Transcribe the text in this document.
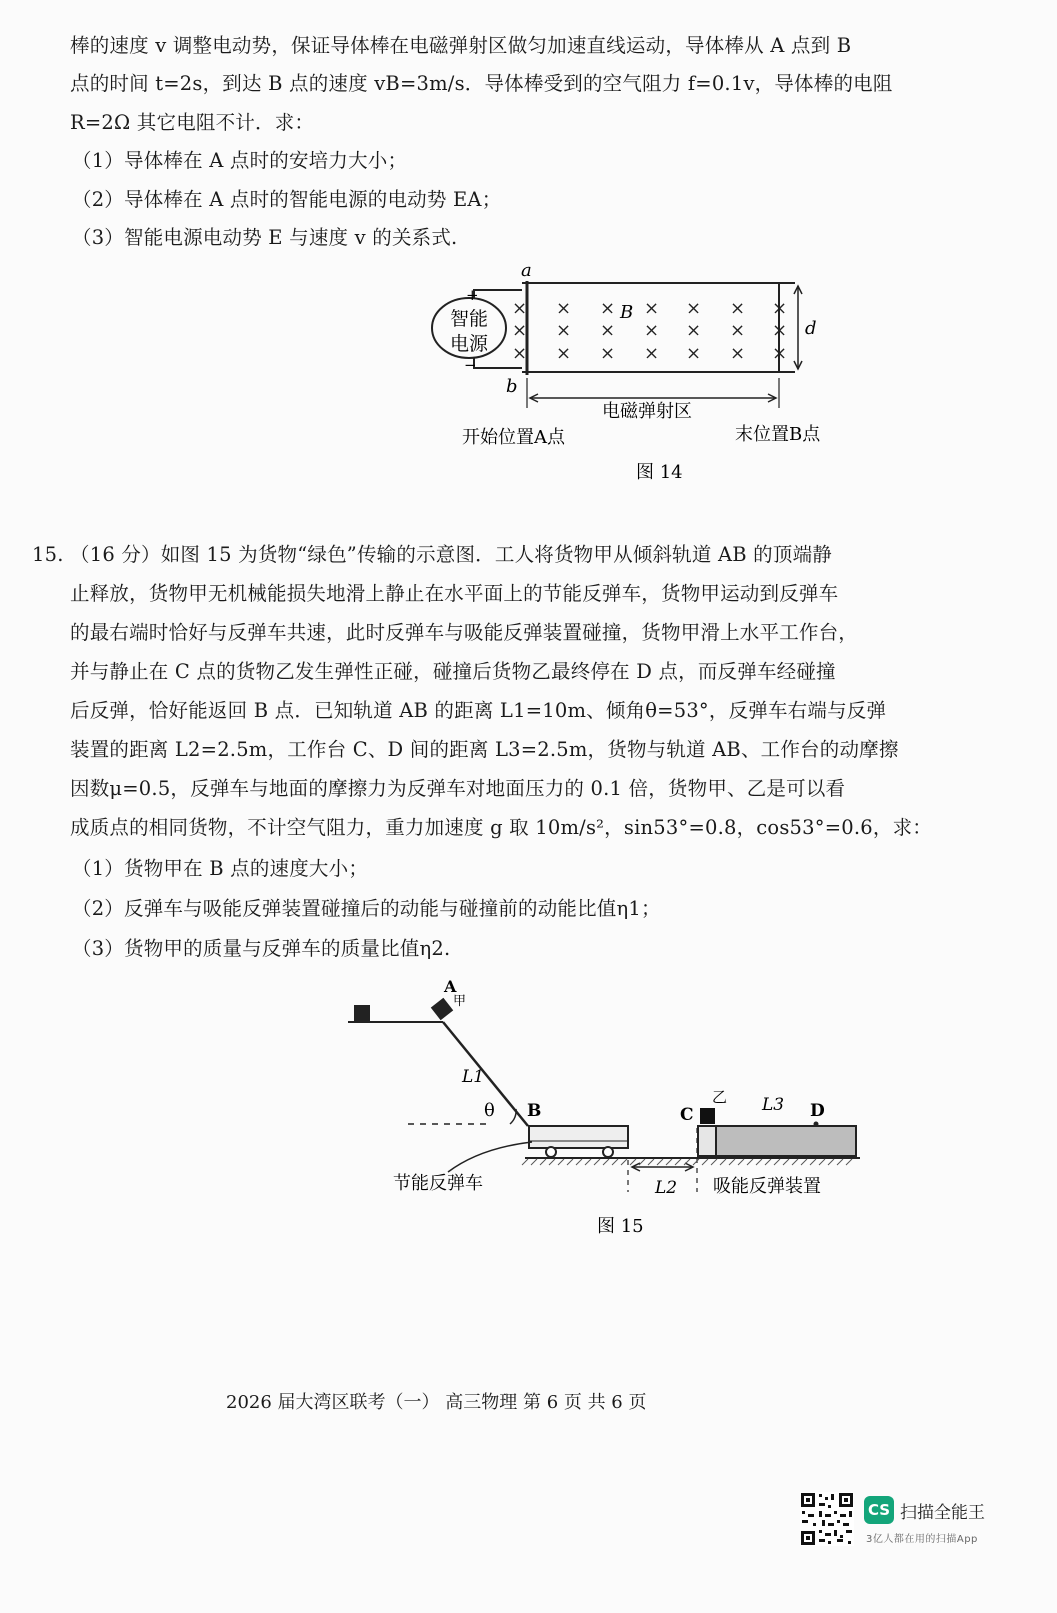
棒的速度 v 调整电动势，保证导体棒在电磁弹射区做匀加速直线运动，导体棒从 A 点到 B
点的时间 t=2s，到达 B 点的速度 vB=3m/s．导体棒受到的空气阻力 f=0.1v，导体棒的电阻
R=2Ω 其它电阻不计．求：
（1）导体棒在 A 点时的安培力大小；
（2）导体棒在 A 点时的智能电源的电动势 EA；
（3）智能电源电动势 E 与速度 v 的关系式.
×
×
×
×
×
×
×
×
×
×
×
×
×
×
×
×
×
×
×
×
×
智能
电源
+
−
a
b
B
d
电磁弹射区
开始位置A点	末位置B点
图 14
15. （16 分）如图 15 为货物“绿色”传输的示意图．工人将货物甲从倾斜轨道 AB 的顶端静
止释放，货物甲无机械能损失地滑上静止在水平面上的节能反弹车，货物甲运动到反弹车
的最右端时恰好与反弹车共速，此时反弹车与吸能反弹装置碰撞，货物甲滑上水平工作台，
并与静止在 C 点的货物乙发生弹性正碰，碰撞后货物乙最终停在 D 点，而反弹车经碰撞
后反弹，恰好能返回 B 点．已知轨道 AB 的距离 L1=10m、倾角θ=53°，反弹车右端与反弹
装置的距离 L2=2.5m，工作台 C、D 间的距离 L3=2.5m，货物与轨道 AB、工作台的动摩擦
因数μ=0.5，反弹车与地面的摩擦力为反弹车对地面压力的 0.1 倍，货物甲、乙是可以看
成质点的相同货物，不计空气阻力，重力加速度 g 取 10m/s²，sin53°=0.8，cos53°=0.6，求：
（1）货物甲在 B 点的速度大小；
（2）反弹车与吸能反弹装置碰撞后的动能与碰撞前的动能比值η1；
（3）货物甲的质量与反弹车的质量比值η2.
A
甲
L1
θ B	C
乙 L3 D
L2
节能反弹车	吸能反弹装置
图 15
2026 届大湾区联考（一） 高三物理 第 6 页 共 6 页
CS 扫描全能王
3亿人都在用的扫描App
